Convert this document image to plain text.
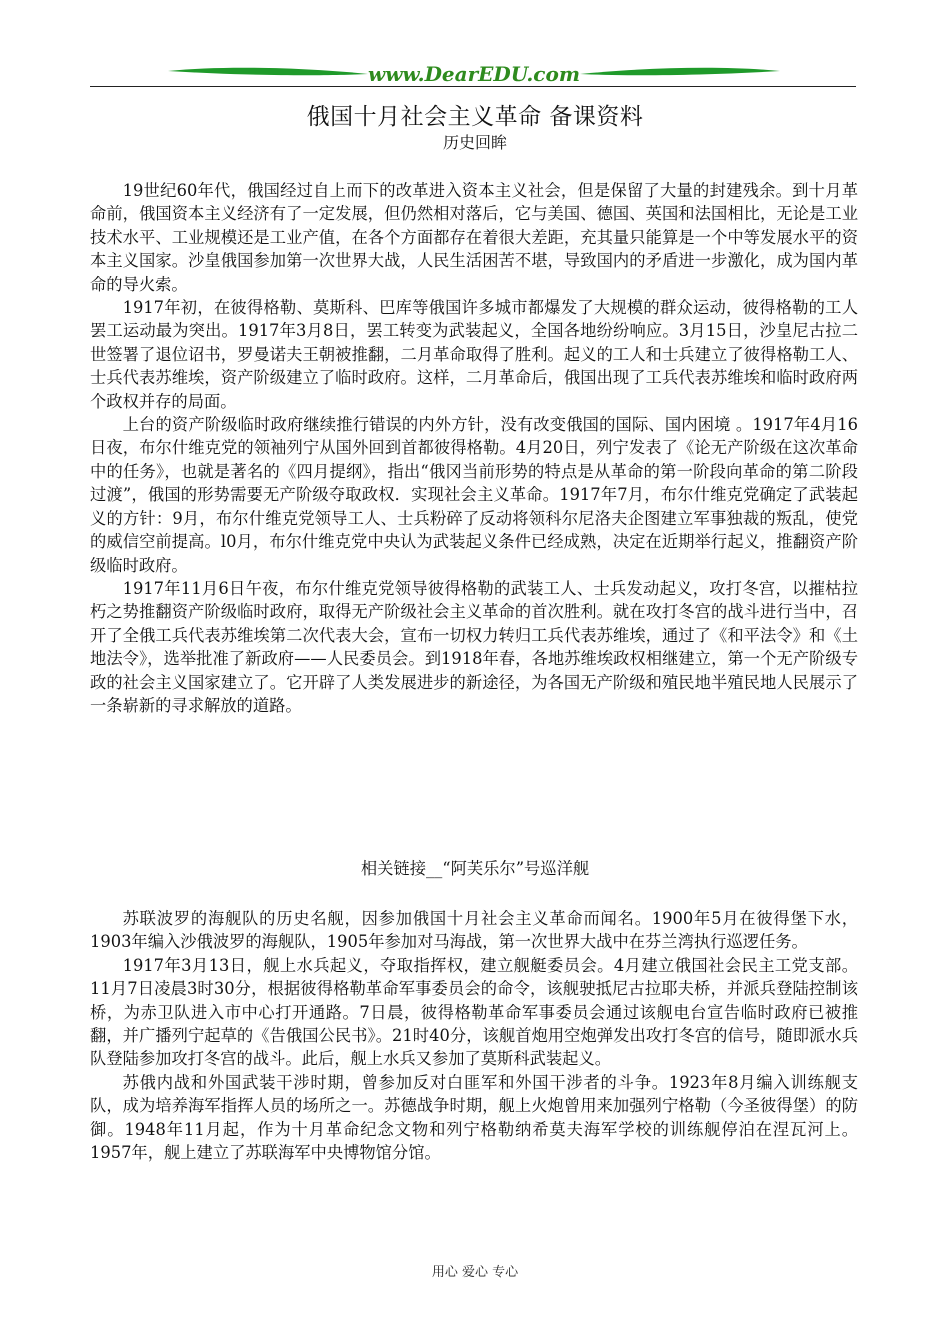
www.DearEDU.com
俄国十月社会主义革命 备课资料
历史回眸

19世纪60年代，俄国经过自上而下的改革进入资本主义社会，但是保留了大量的封建残余。到十月革命前，俄国资本主义经济有了一定发展，但仍然相对落后，它与美国、德国、英国和法国相比，无论是工业技术水平、工业规模还是工业产值，在各个方面都存在着很大差距，充其量只能算是一个中等发展水平的资本主义国家。沙皇俄国参加第一次世界大战，人民生活困苦不堪，导致国内的矛盾进一步激化，成为国内革命的导火索。

1917年初，在彼得格勒、莫斯科、巴库等俄国许多城市都爆发了大规模的群众运动，彼得格勒的工人罢工运动最为突出。1917年3月8日，罢工转变为武装起义，全国各地纷纷响应。3月15日，沙皇尼古拉二世签署了退位诏书，罗曼诺夫王朝被推翻，二月革命取得了胜利。起义的工人和士兵建立了彼得格勒工人、士兵代表苏维埃，资产阶级建立了临时政府。这样，二月革命后，俄国出现了工兵代表苏维埃和临时政府两个政权并存的局面。

上台的资产阶级临时政府继续推行错误的内外方针，没有改变俄国的国际、国内困境 。1917年4月16日夜，布尔什维克党的领袖列宁从国外回到首都彼得格勒。4月20日，列宁发表了《论无产阶级在这次革命中的任务》，也就是著名的《四月提纲》，指出“俄冈当前形势的特点是从革命的第一阶段向革命的第二阶段过渡”，俄国的形势需要无产阶级夺取政权．实现社会主义革命。1917年7月，布尔什维克党确定了武装起义的方针：9月，布尔什维克党领导工人、士兵粉碎了反动将领科尔尼洛夫企图建立军事独裁的叛乱，使党的威信空前提高。l0月，布尔什维克党中央认为武装起义条件已经成熟，决定在近期举行起义，推翻资产阶级临时政府。

1917年11月6日午夜，布尔什维克党领导彼得格勒的武装工人、士兵发动起义，攻打冬宫，以摧枯拉朽之势推翻资产阶级临时政府，取得无产阶级社会主义革命的首次胜利。就在攻打冬宫的战斗进行当中，召开了全俄工兵代表苏维埃第二次代表大会，宣布一切权力转归工兵代表苏维埃，通过了《和平法令》和《土地法令》，选举批准了新政府——人民委员会。到1918年春，各地苏维埃政权相继建立，第一个无产阶级专政的社会主义国家建立了。它开辟了人类发展进步的新途径，为各国无产阶级和殖民地半殖民地人民展示了一条崭新的寻求解放的道路。

相关链接__“阿芙乐尔”号巡洋舰

苏联波罗的海舰队的历史名舰，因参加俄国十月社会主义革命而闻名。1900年5月在彼得堡下水，1903年编入沙俄波罗的海舰队，1905年参加对马海战，第一次世界大战中在芬兰湾执行巡逻任务。

1917年3月13日，舰上水兵起义，夺取指挥权，建立舰艇委员会。4月建立俄国社会民主工党支部。11月7日凌晨3时30分，根据彼得格勒革命军事委员会的命令，该舰驶抵尼古拉耶夫桥，并派兵登陆控制该桥，为赤卫队进入市中心打开通路。7日晨，彼得格勒革命军事委员会通过该舰电台宣告临时政府已被推翻，并广播列宁起草的《告俄国公民书》。21时40分，该舰首炮用空炮弹发出攻打冬宫的信号，随即派水兵队登陆参加攻打冬宫的战斗。此后，舰上水兵又参加了莫斯科武装起义。

苏俄内战和外国武装干涉时期，曾参加反对白匪军和外国干涉者的斗争。1923年8月编入训练舰支队，成为培养海军指挥人员的场所之一。苏德战争时期，舰上火炮曾用来加强列宁格勒（今圣彼得堡）的防御。1948年11月起，作为十月革命纪念文物和列宁格勒纳希莫夫海军学校的训练舰停泊在涅瓦河上。1957年，舰上建立了苏联海军中央博物馆分馆。

用心 爱心 专心
